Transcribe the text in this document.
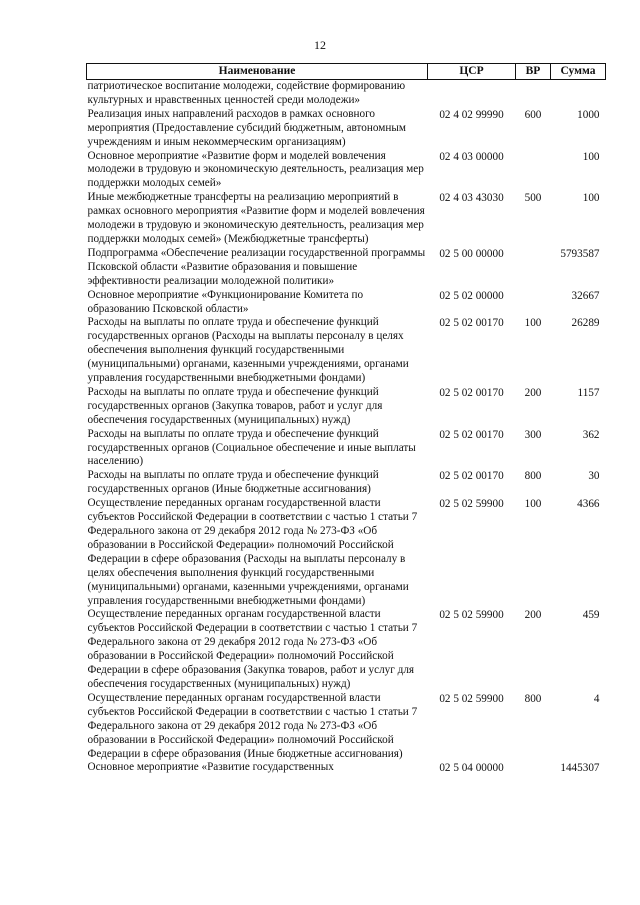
12
Наименование	ЦСР	ВР	Сумма
патриотическое воспитание молодежи, содействие формированию культурных и нравственных ценностей среди молодежи»			
Реализация иных направлений расходов в рамках основного мероприятия (Предоставление субсидий бюджетным, автономным учреждениям и иным некоммерческим организациям)	02 4 02 99990	600	1000
Основное мероприятие «Развитие форм и моделей вовлечения молодежи в трудовую и экономическую деятельность, реализация мер поддержки молодых семей»	02 4 03 00000		100
Иные межбюджетные трансферты на реализацию мероприятий в рамках основного мероприятия «Развитие форм и моделей вовлечения молодежи в трудовую и экономическую деятельность, реализация мер поддержки молодых семей» (Межбюджетные трансферты)	02 4 03 43030	500	100
Подпрограмма «Обеспечение реализации государственной программы Псковской области «Развитие образования и повышение эффективности реализации молодежной политики»	02 5 00 00000		5793587
Основное мероприятие «Функционирование Комитета по образованию Псковской области»	02 5 02 00000		32667
Расходы на выплаты по оплате труда и обеспечение функций государственных органов (Расходы на выплаты персоналу в целях обеспечения выполнения функций государственными (муниципальными) органами, казенными учреждениями, органами управления государственными внебюджетными фондами)	02 5 02 00170	100	26289
Расходы на выплаты по оплате труда и обеспечение функций государственных органов (Закупка товаров, работ и услуг для обеспечения государственных (муниципальных) нужд)	02 5 02 00170	200	1157
Расходы на выплаты по оплате труда и обеспечение функций государственных органов (Социальное обеспечение и иные выплаты населению)	02 5 02 00170	300	362
Расходы на выплаты по оплате труда и обеспечение функций государственных органов (Иные бюджетные ассигнования)	02 5 02 00170	800	30
Осуществление переданных органам государственной власти субъектов Российской Федерации в соответствии с частью 1 статьи 7 Федерального закона от 29 декабря 2012 года № 273-ФЗ «Об образовании в Российской Федерации» полномочий Российской Федерации в сфере образования (Расходы на выплаты персоналу в целях обеспечения выполнения функций государственными (муниципальными) органами, казенными учреждениями, органами управления государственными внебюджетными фондами)	02 5 02 59900	100	4366
Осуществление переданных органам государственной власти субъектов Российской Федерации в соответствии с частью 1 статьи 7 Федерального закона от 29 декабря 2012 года № 273-ФЗ «Об образовании в Российской Федерации» полномочий Российской Федерации в сфере образования (Закупка товаров, работ и услуг для обеспечения государственных (муниципальных) нужд)	02 5 02 59900	200	459
Осуществление переданных органам государственной власти субъектов Российской Федерации в соответствии с частью 1 статьи 7 Федерального закона от 29 декабря 2012 года № 273-ФЗ «Об образовании в Российской Федерации» полномочий Российской Федерации в сфере образования (Иные бюджетные ассигнования)	02 5 02 59900	800	4
Основное мероприятие «Развитие государственных	02 5 04 00000		1445307
